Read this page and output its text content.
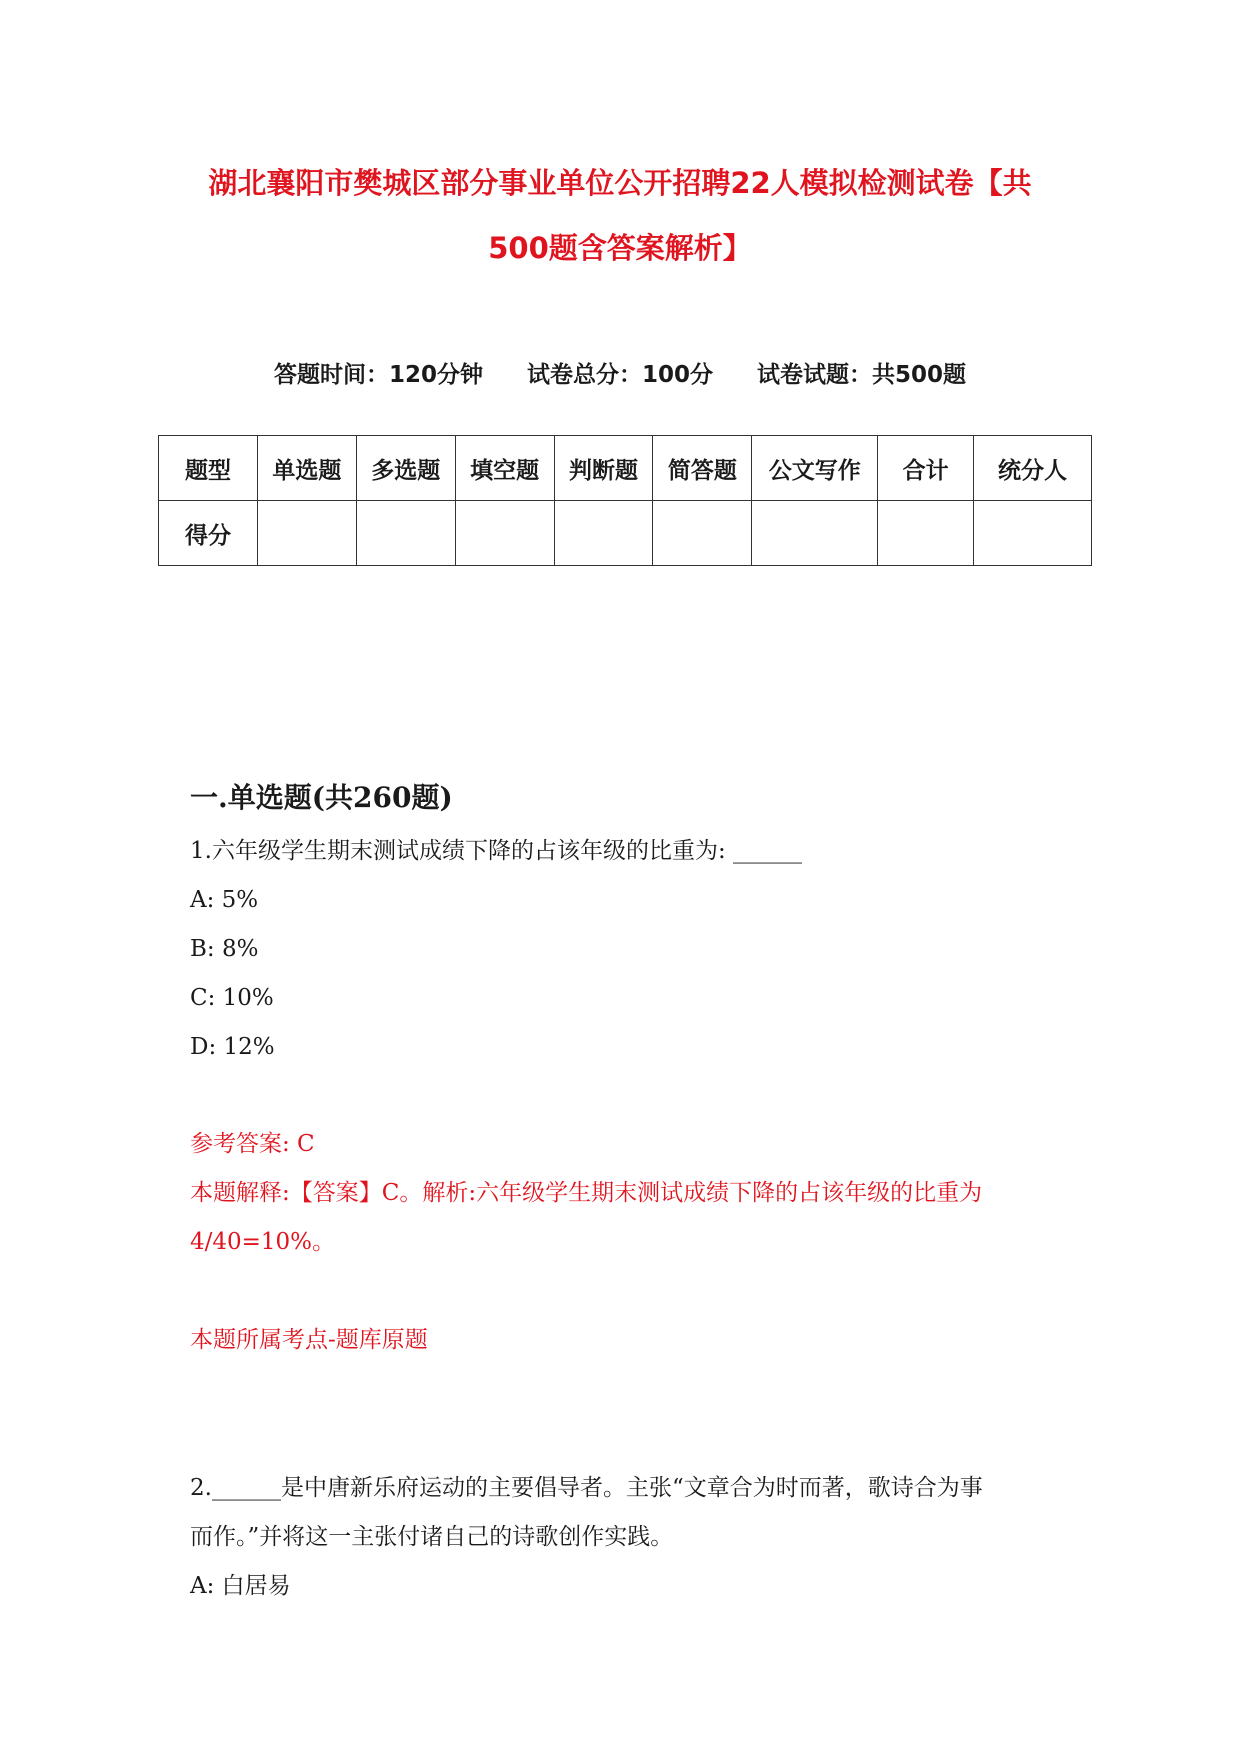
湖北襄阳市樊城区部分事业单位公开招聘22人模拟检测试卷【共
500题含答案解析】
答题时间：120分钟 试卷总分：100分 试卷试题：共500题
题型	单选题	多选题	填空题	判断题	简答题	公文写作	合计	统分人
得分								
一.单选题(共260题)
1.六年级学生期末测试成绩下降的占该年级的比重为: ______
A: 5%
B: 8%
C: 10%
D: 12%
参考答案: C
本题解释:【答案】C。解析:六年级学生期末测试成绩下降的占该年级的比重为
4/40=10%。
本题所属考点-题库原题
2.______是中唐新乐府运动的主要倡导者。主张“文章合为时而著，歌诗合为事
而作。”并将这一主张付诸自己的诗歌创作实践。
A: 白居易
